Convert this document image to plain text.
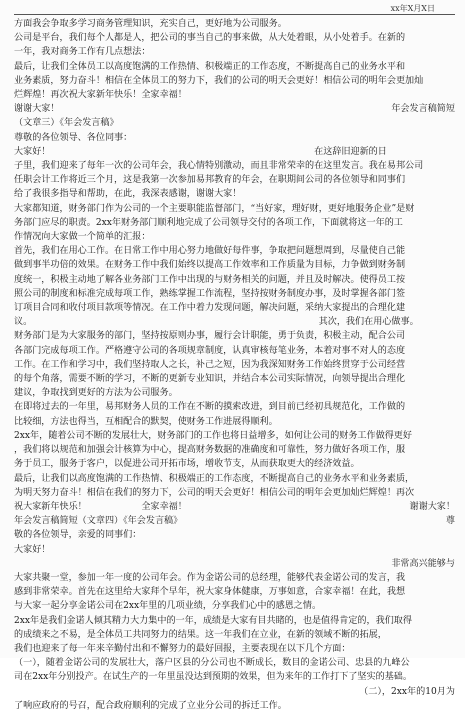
xx年X月X日
方面我会争取多学习商务管理知识，充实自己，更好地为公司服务。
公司是平台，我们每个人都是人，把公司的事当自己的事来做，从大处着眼，从小处着手。在新的
一年，我对商务工作有几点想法：
最后，让我们全体员工以高度饱满的工作热情、积极端正的工作态度，不断提高自己的业务水平和
业务素质，努力奋斗！相信在全体员工的努力下，我们的公司的明天会更好！相信公司的明年会更加灿
烂辉煌！再次祝大家新年快乐！全家幸福！
谢谢大家！	年会发言稿简短
（文章三）《年会发言稿》
尊敬的各位领导、各位同事：
大家好！　　　　　　　　　　　　　　　　　　　　　　　　　　　　　在这辞旧迎新的日
子里，我们迎来了每年一次的公司年会，我心情特别激动，而且非常荣幸的在这里发言。我在易邦公司
任职会计工作将近三个月，这是我第一次参加易邦教育的年会，在职期间公司的各位领导和同事们
给了我很多指导和帮助，在此，我深表感谢，谢谢大家！
大家都知道，财务部门作为公司的一个主要职能监督部门，“当好家，理好财，更好地服务企业”是财
务部门应尽的职责。2xx年财务部门顺利地完成了公司领导交付的各项工作，下面就将这一年的工
作情况向大家做一个简单的汇报：
首先，我们在用心工作。在日常工作中用心努力地做好每件事，争取把问题想周到，尽量使自己能
做到事半功倍的效果。在财务工作中我们始终以提高工作效率和工作质量为目标，力争做到财务制
度统一，积极主动地了解各业务部门工作中出现的与财务相关的问题，并且及时解决。使得员工按
照公司的制度和标准完成每项工作，熟练掌握工作流程，坚持按财务制度办事，及时掌握各部门签
订项目合同和收付项目款项等情况。在工作中着力发现问题，解决问题，采纳大家提出的合理化建
议。　　　　　　　　　　　　　　　　　　　　　　　　　　　　　　　　其次，我们在用心做事。
财务部门是为大家服务的部门，坚持按原则办事，履行会计职能，勇于负责，积极主动，配合公司
各部门完成每项工作。严格遵守公司的各项规章制度，认真审核每笔业务，本着对事不对人的态度
工作。在工作和学习中，我们坚持取人之长，补己之短，因为我深知财务工作始终贯穿于公司经营
的每个角落，需要不断的学习，不断的更新专业知识，并结合本公司实际情况，向领导提出合理化
建议，争取找到更好的方法为公司服务。
在即将过去的一年里，易邦财务人员的工作在不断的摸索改进，到目前已经初具规范化，工作做的
比较细，方法也得当，互相配合的默契，使财务工作进展得顺利。
2xx年，随着公司不断的发展壮大，财务部门的工作也将日益增多，如何让公司的财务工作做得更好
，我们将以规范和加强会计核算为中心，提高财务数据的准确度和可靠性，努力做好各项工作，服
务于员工，服务于客户，以促进公司开拓市场，增收节支，从而获取更大的经济效益。
最后，让我们以高度饱满的工作热情、积极端正的工作态度，不断提高自己的业务水平和业务素质，
为明天努力奋斗！相信在我们的努力下，公司的明天会更好！相信公司的明年会更加灿烂辉煌！再次
祝大家新年快乐！　　　　　　全家幸福！	谢谢大家！
年会发言稿简短（文章四）《年会发言稿》	尊
敬的各位领导，亲爱的同事们：
大家好！
非常高兴能够与
大家共聚一堂，参加一年一度的公司年会。作为金诺公司的总经理，能够代表金诺公司的发言，我
感到非常荣幸。首先在这里给大家拜个早年，祝大家身体健康，万事如意，合家幸福！在此，我想
与大家一起分享金诺公司在2xx年里的几项业绩，分享我们心中的感恩之情。
2xx年是我们金诺人倾其精力大力集中的一年，成绩是大家有目共睹的，也是值得肯定的，我们取得
的成绩来之不易，是全体员工共同努力的结果。这一年我们在立业，在新的领域不断的拓展，
我们也迎来了每一年来辛勤付出和不懈努力的最好回报，主要表现在以下几个方面：
（一），随着金诺公司的发展壮大，落户区县的分公司也不断成长，数目的金诺公司、忠县的九峰公
司在2xx年分别投产。在试生产的一年里虽没达到预期的效果，但为来年的工作打下了坚实的基础。
（二），2xx年的10月为
了响应政府的号召，配合政府顺利的完成了立业分公司的拆迁工作。
